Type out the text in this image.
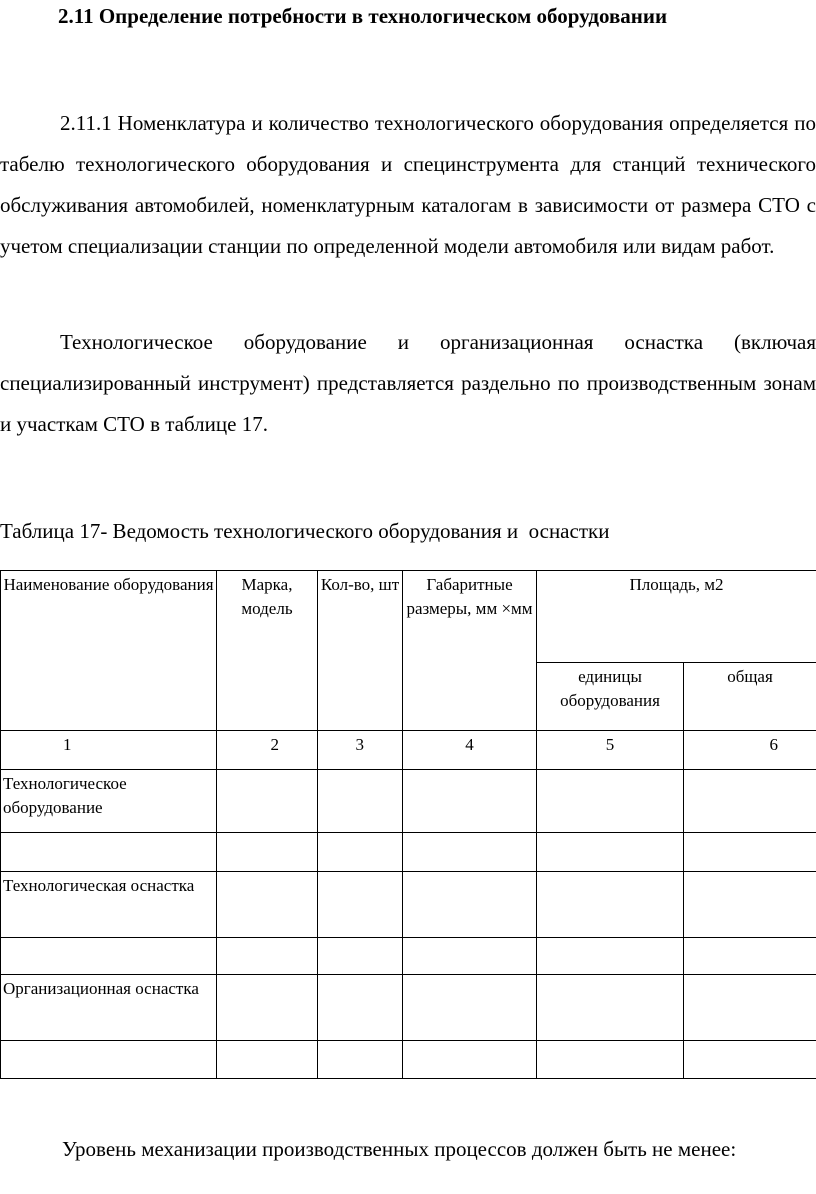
2.11 Определение потребности в технологическом оборудовании

2.11.1 Номенклатура и количество технологического оборудования определяется по табелю технологического оборудования и специнструмента для станций технического обслуживания автомобилей, номенклатурным каталогам в зависимости от размера СТО с учетом специализации станции по определенной модели автомобиля или видам работ.

Технологическое оборудование и организационная оснастка (включая специализированный инструмент) представляется раздельно по производственным зонам и участкам СТО в таблице 17.

Таблица 17- Ведомость технологического оборудования и  оснастки
Наименование оборудования	Марка, модель	Кол-во, шт	Габаритные размеры, мм ×мм	Площадь, м2	
				единицы оборудования	общая
1	2	3	4	5	6
Технологическое оборудование					

Технологическая оснастка					

Организационная оснастка					

Уровень механизации производственных процессов должен быть не менее:
